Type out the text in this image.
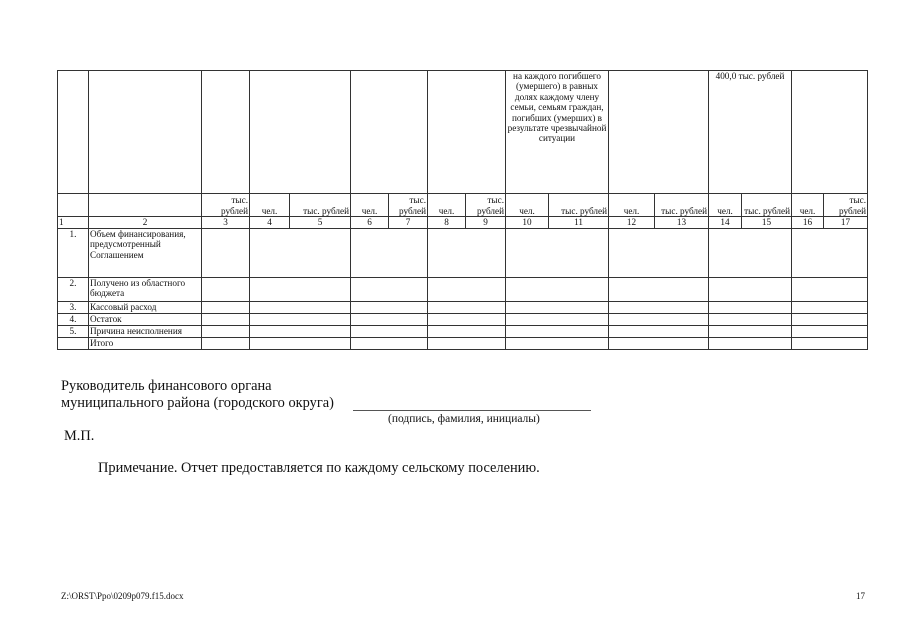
									на каждого погибшего (умершего) в равных долях каждому члену семьи, семьям граждан, погибших (умерших) в результате чрезвычайной ситуации				400,0 тыс. рублей			
		тыс. рублей	чел.	тыс. рублей	чел.	тыс. рублей	чел.	тыс. рублей	чел.	тыс. рублей	чел.	тыс. рублей	чел.	тыс. рублей	чел.	тыс. рублей
1	2	3	4	5	6	7	8	9	10	11	12	13	14	15	16	17
1.	Объем финансирования, предусмотренный Соглашением															
2.	Получено из областного бюджета															
3.	Кассовый расход															
4.	Остаток															
5.	Причина неисполнения															
	Итого															
Руководитель финансового органа
муниципального района (городского округа)
(подпись, фамилия, инициалы)
М.П.
Примечание. Отчет предоставляется по каждому сельскому поселению.
Z:\ORST\Ppo\0209p079.f15.docx	17
